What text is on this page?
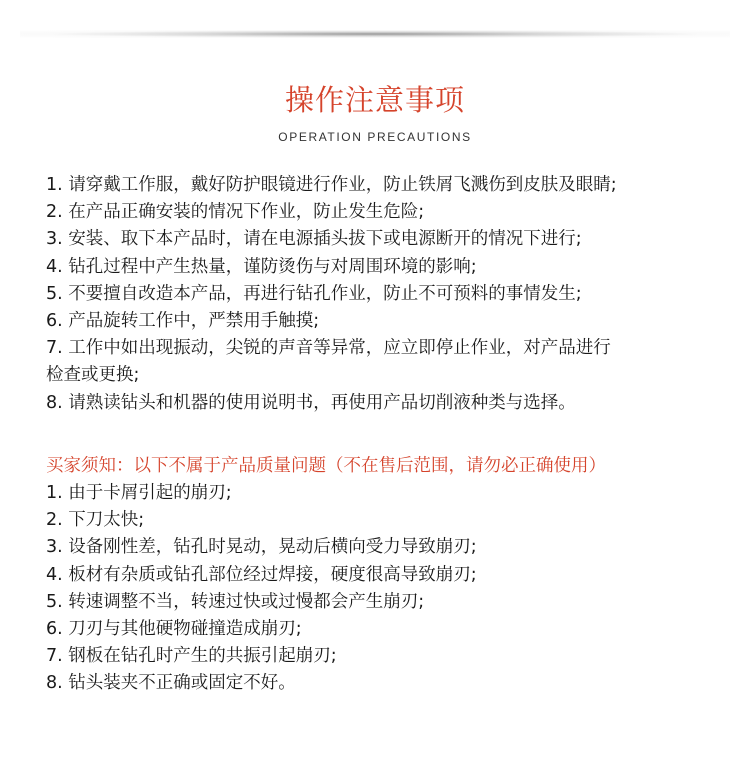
操作注意事项
OPERATION PRECAUTIONS
1. 请穿戴工作服，戴好防护眼镜进行作业，防止铁屑飞溅伤到皮肤及眼睛;
2. 在产品正确安装的情况下作业，防止发生危险;
3. 安装、取下本产品时，请在电源插头拔下或电源断开的情况下进行;
4. 钻孔过程中产生热量，谨防烫伤与对周围环境的影响;
5. 不要擅自改造本产品，再进行钻孔作业，防止不可预料的事情发生;
6. 产品旋转工作中，严禁用手触摸;
7. 工作中如出现振动，尖锐的声音等异常，应立即停止作业，对产品进行
检查或更换;
8. 请熟读钻头和机器的使用说明书，再使用产品切削液种类与选择。
买家须知：以下不属于产品质量问题（不在售后范围，请勿必正确使用）
1. 由于卡屑引起的崩刃;
2. 下刀太快;
3. 设备刚性差，钻孔时晃动，晃动后横向受力导致崩刃;
4. 板材有杂质或钻孔部位经过焊接，硬度很高导致崩刃;
5. 转速调整不当，转速过快或过慢都会产生崩刃;
6. 刀刃与其他硬物碰撞造成崩刃;
7. 钢板在钻孔时产生的共振引起崩刃;
8. 钻头装夹不正确或固定不好。
